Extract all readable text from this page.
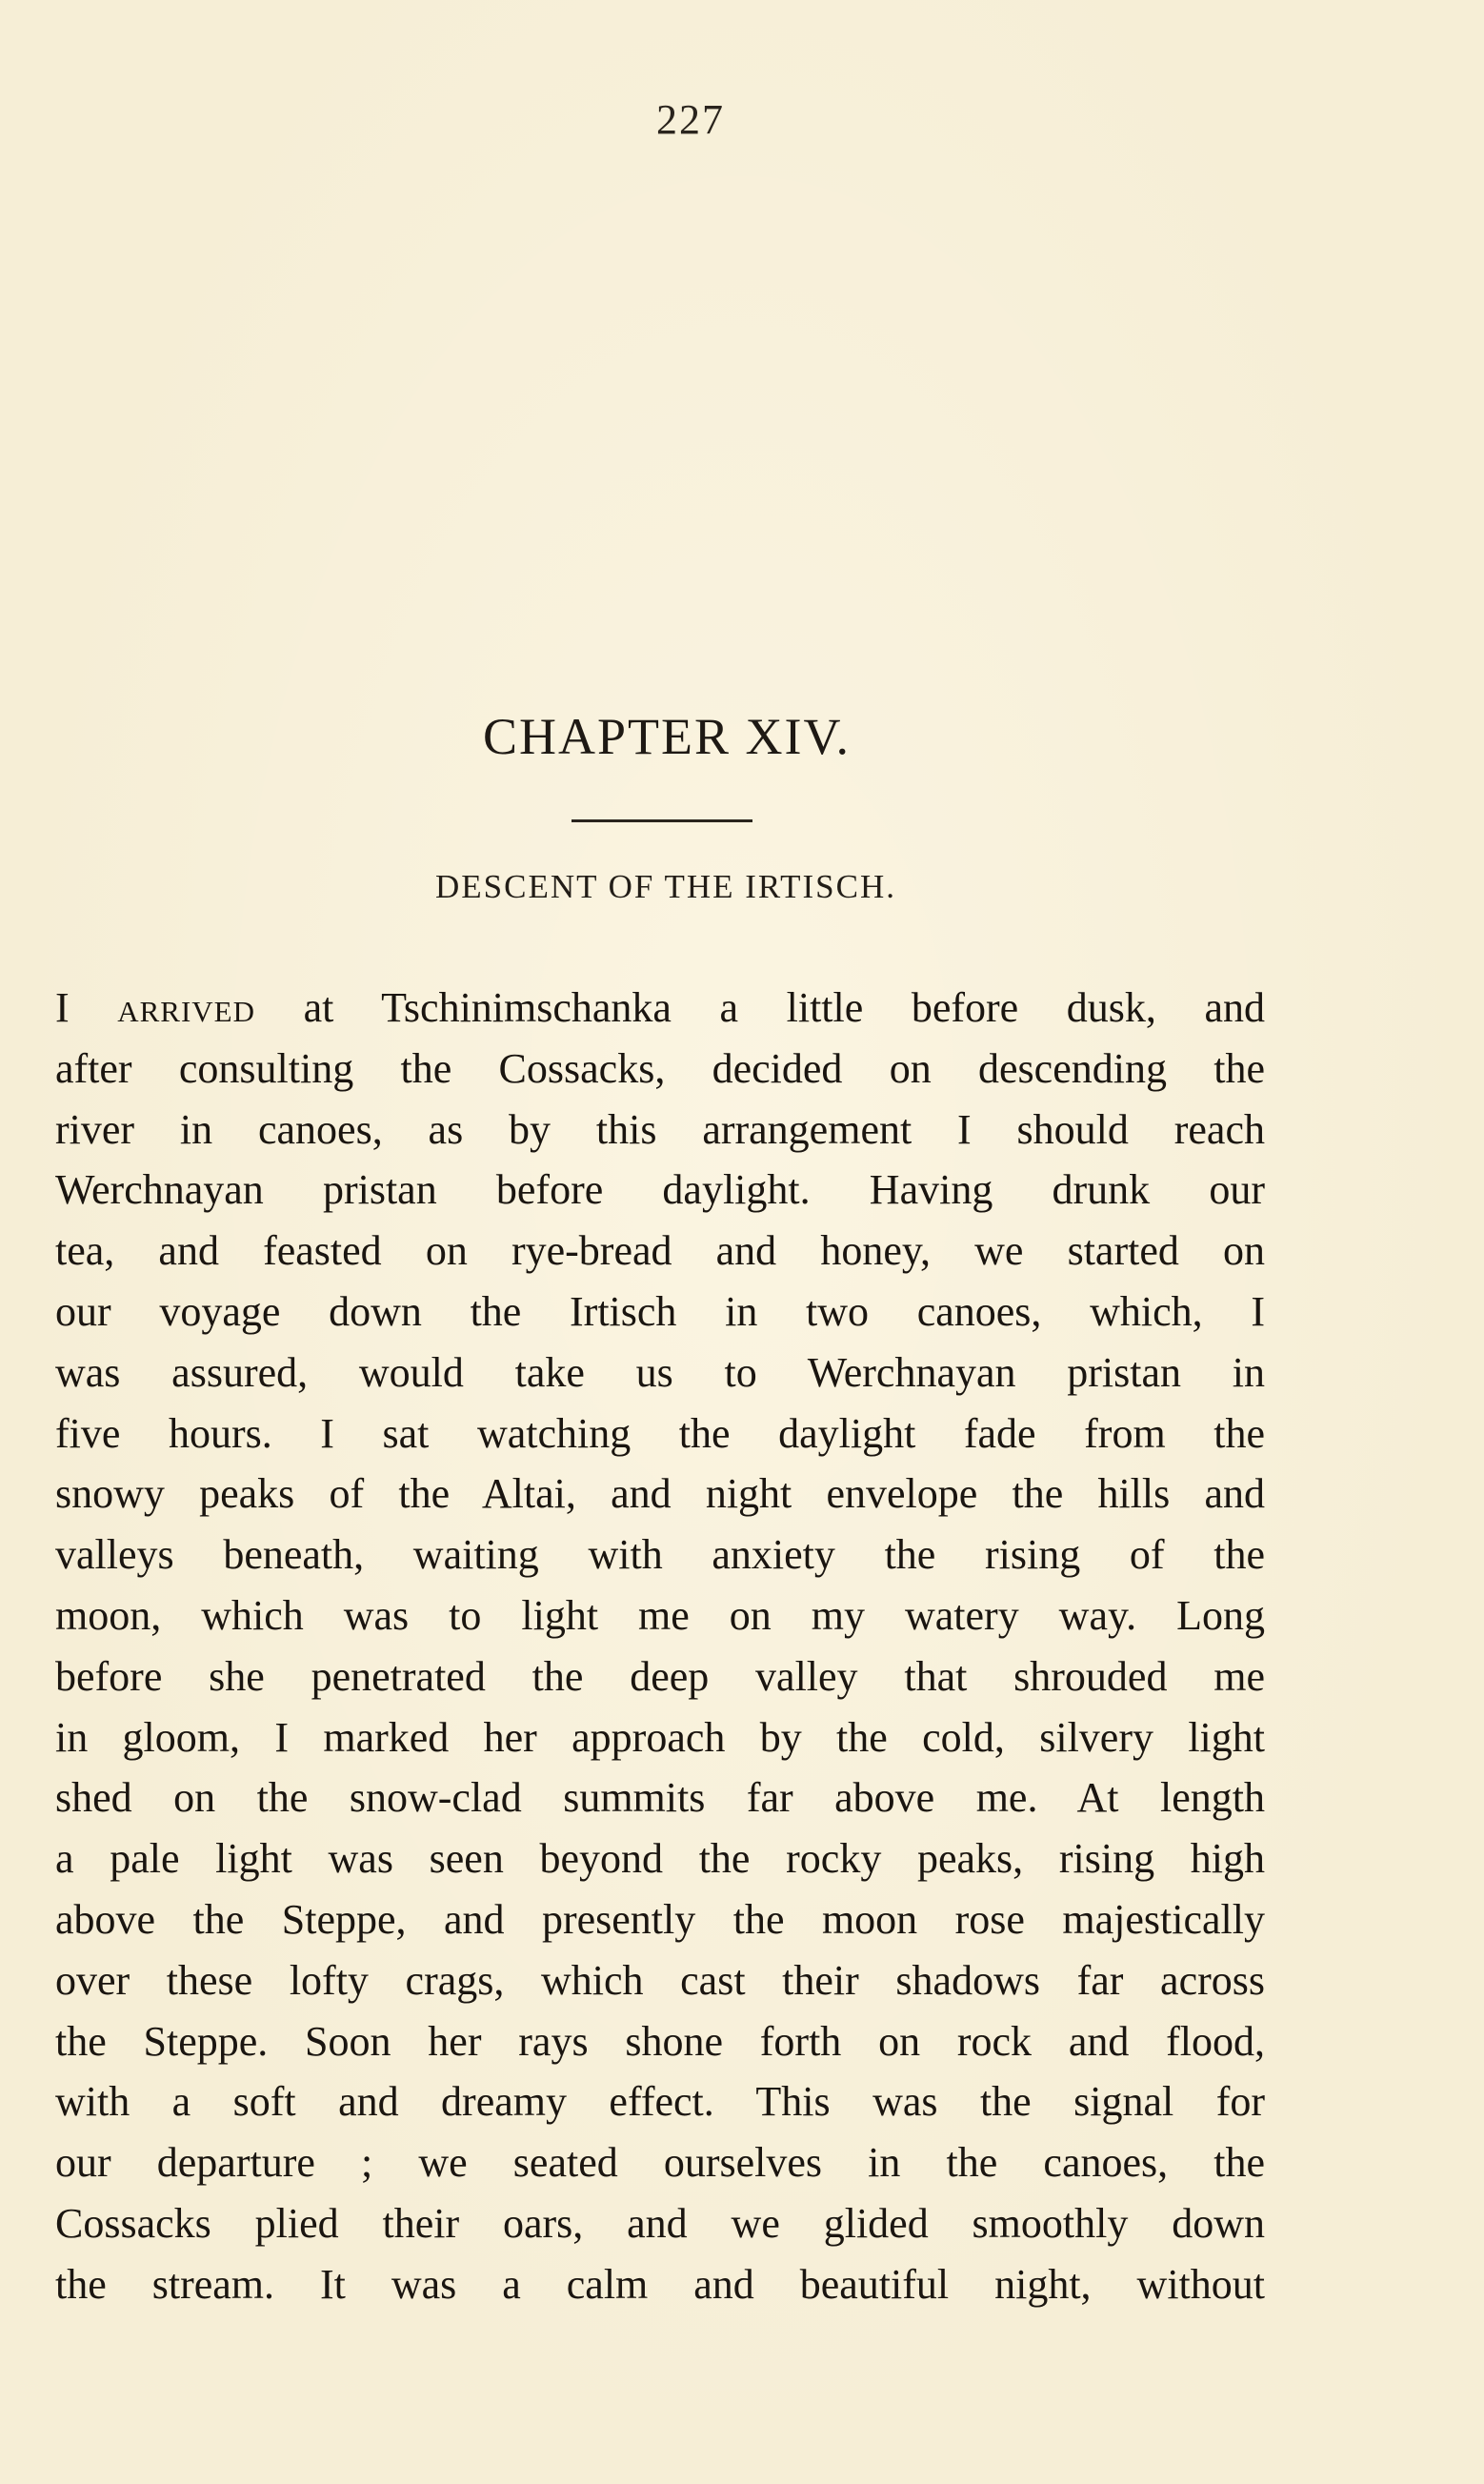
227
CHAPTER XIV.
DESCENT OF THE IRTISCH.
I ARRIVED at Tschinimschanka a little before dusk, and
after consulting the Cossacks, decided on descending the
river in canoes, as by this arrangement I should reach
Werchnayan pristan before daylight. Having drunk our
tea, and feasted on rye-bread and honey, we started on
our voyage down the Irtisch in two canoes, which, I
was assured, would take us to Werchnayan pristan in
five hours. I sat watching the daylight fade from the
snowy peaks of the Altai, and night envelope the hills and
valleys beneath, waiting with anxiety the rising of the
moon, which was to light me on my watery way. Long
before she penetrated the deep valley that shrouded me
in gloom, I marked her approach by the cold, silvery light
shed on the snow-clad summits far above me. At length
a pale light was seen beyond the rocky peaks, rising high
above the Steppe, and presently the moon rose majestically
over these lofty crags, which cast their shadows far across
the Steppe. Soon her rays shone forth on rock and flood,
with a soft and dreamy effect. This was the signal for
our departure ; we seated ourselves in the canoes, the
Cossacks plied their oars, and we glided smoothly down
the stream. It was a calm and beautiful night, without
